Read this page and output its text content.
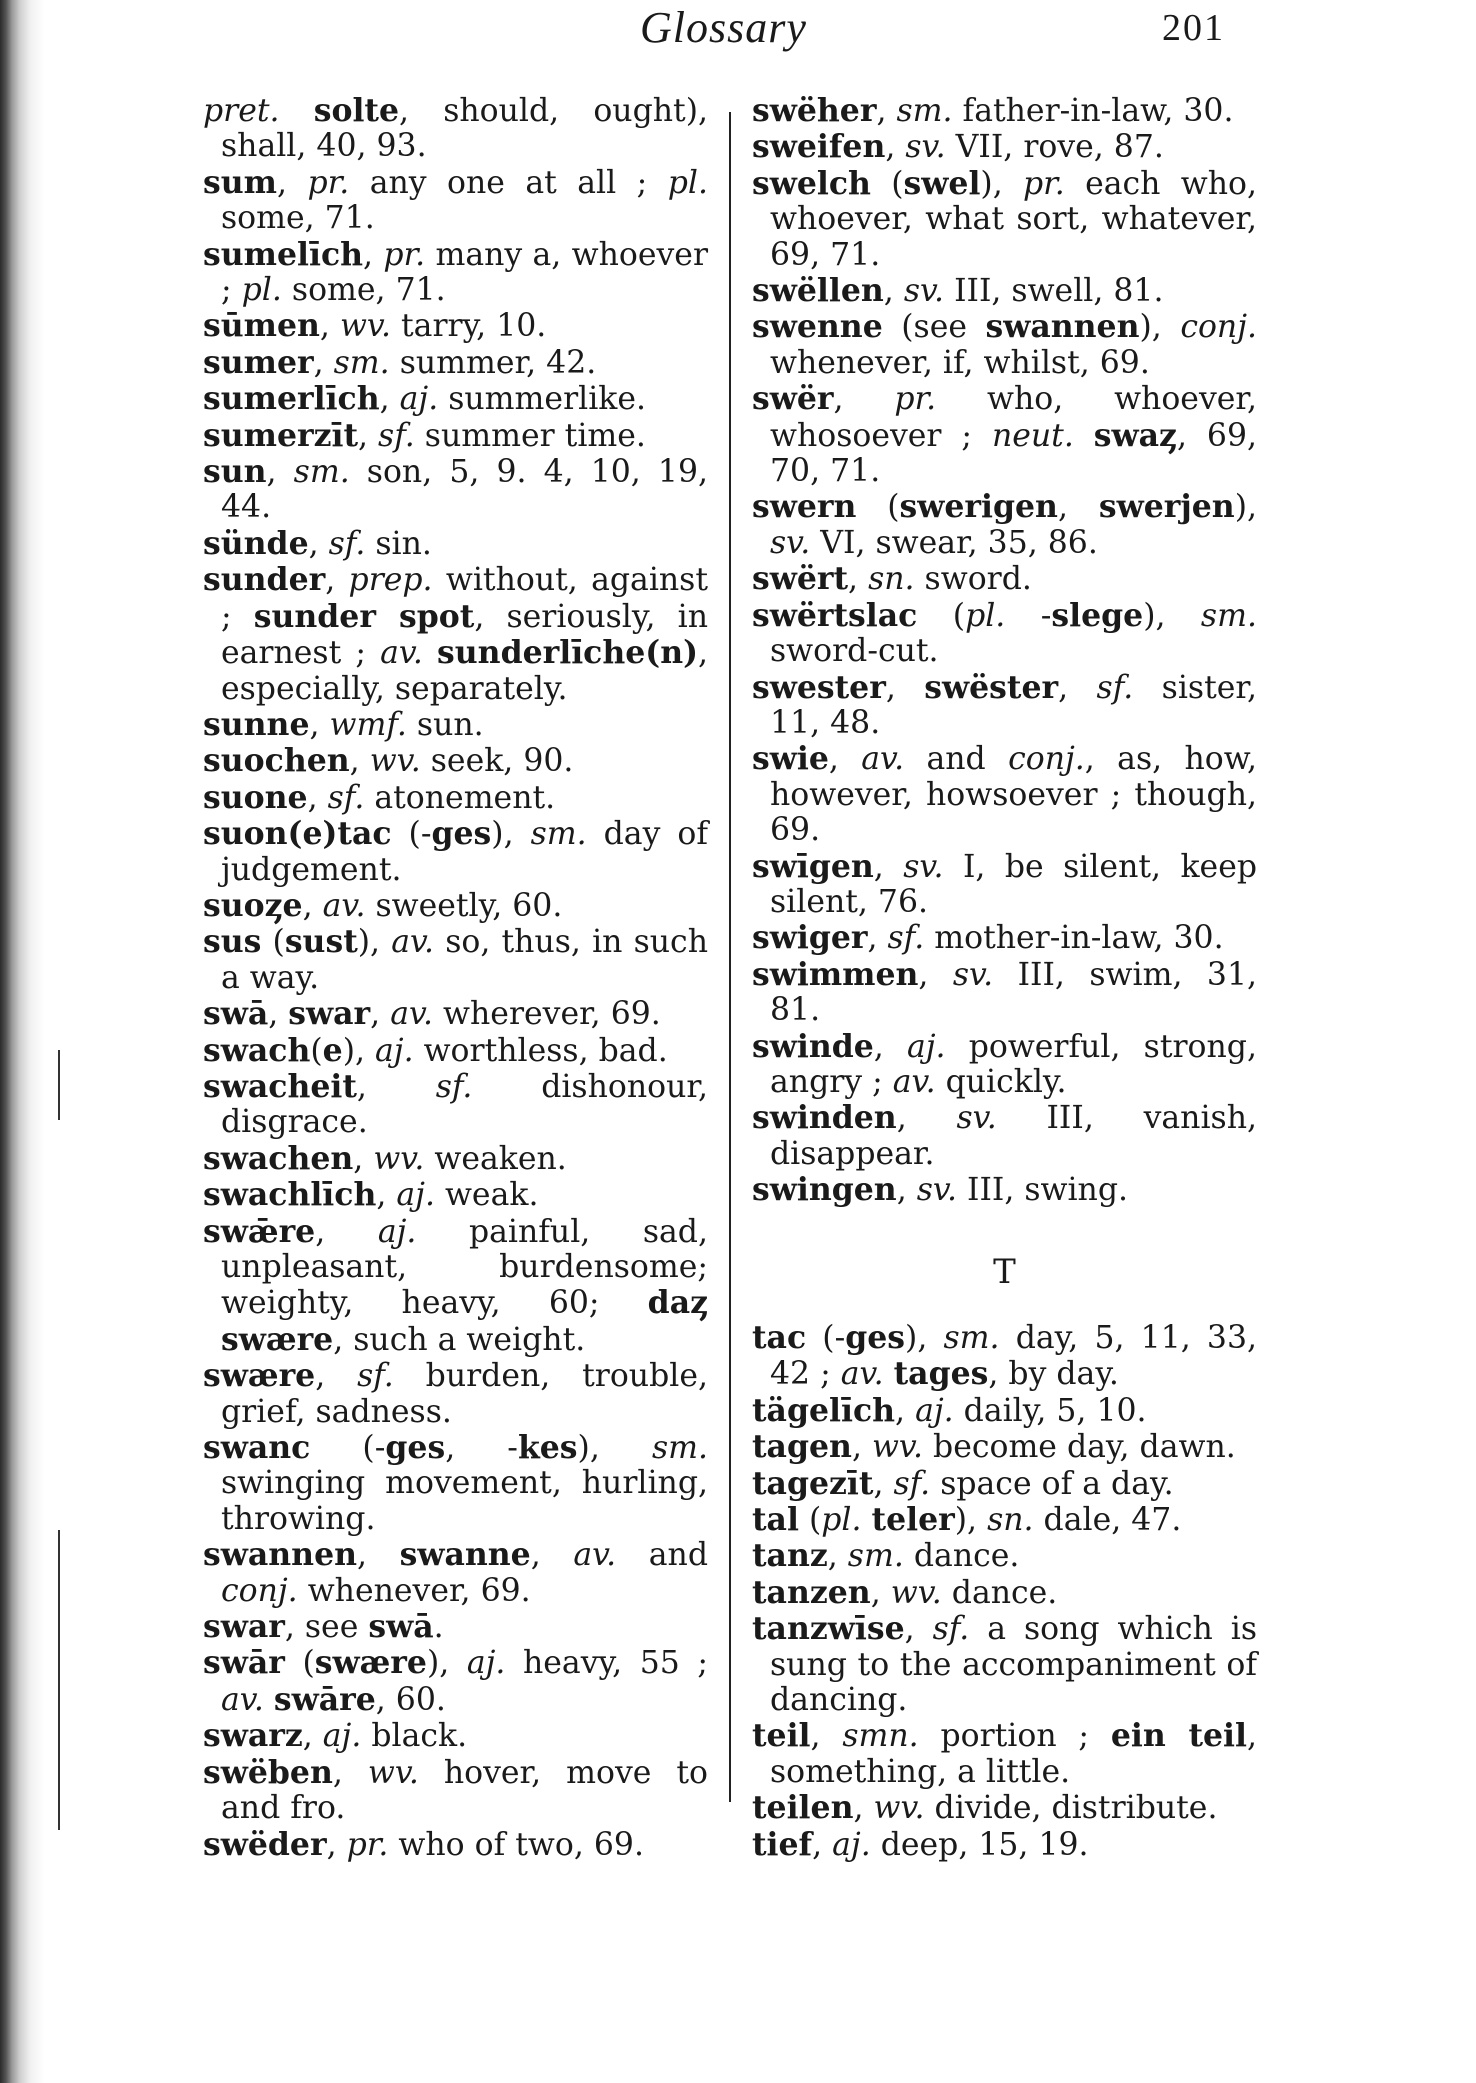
Glossary	201

pret. solte, should, ought), shall, 40, 93.

sum, pr. any one at all ; pl. some, 71.

sumelīch, pr. many a, whoever ; pl. some, 71.

sūmen, wv. tarry, 10.

sumer, sm. summer, 42.

sumerlīch, aj. summerlike.

sumerzīt, sf. summer time.

sun, sm. son, 5, 9. 4, 10, 19, 44.

sünde, sf. sin.

sunder, prep. without, against ; sunder spot, seriously, in earnest ; av. sunderlīche(n), especially, separately.

sunne, wmf. sun.

suochen, wv. seek, 90.

suone, sf. atonement.

suon(e)tac (-ges), sm. day of judgement.

suoȥe, av. sweetly, 60.

sus (sust), av. so, thus, in such a way.

swā, swar, av. wherever, 69.

swach(e), aj. worthless, bad.

swacheit, sf. dishonour, disgrace.

swachen, wv. weaken.

swachlīch, aj. weak.

swǣre, aj. painful, sad, unpleasant, burdensome; weighty, heavy, 60; daȥ swære, such a weight.

swære, sf. burden, trouble, grief, sadness.

swanc (-ges, -kes), sm. swinging movement, hurling, throwing.

swannen, swanne, av. and conj. whenever, 69.

swar, see swā.

swār (swære), aj. heavy, 55 ; av. swāre, 60.

swarz, aj. black.

swëben, wv. hover, move to and fro.

swëder, pr. who of two, 69.

swëher, sm. father-in-law, 30.

sweifen, sv. VII, rove, 87.

swelch (swel), pr. each who, whoever, what sort, whatever, 69, 71.

swëllen, sv. III, swell, 81.

swenne (see swannen), conj. whenever, if, whilst, 69.

swër, pr. who, whoever, whosoever ; neut. swaȥ, 69, 70, 71.

swern (swerigen, swerjen), sv. VI, swear, 35, 86.

swërt, sn. sword.

swërtslac (pl. -slege), sm. sword-cut.

swester, swëster, sf. sister, 11, 48.

swie, av. and conj., as, how, however, howsoever ; though, 69.

swīgen, sv. I, be silent, keep silent, 76.

swiger, sf. mother-in-law, 30.

swimmen, sv. III, swim, 31, 81.

swinde, aj. powerful, strong, angry ; av. quickly.

swinden, sv. III, vanish, disappear.

swingen, sv. III, swing.

T

tac (-ges), sm. day, 5, 11, 33, 42 ; av. tages, by day.

tägelīch, aj. daily, 5, 10.

tagen, wv. become day, dawn.

tagezīt, sf. space of a day.

tal (pl. teler), sn. dale, 47.

tanz, sm. dance.

tanzen, wv. dance.

tanzwīse, sf. a song which is sung to the accompaniment of dancing.

teil, smn. portion ; ein teil, something, a little.

teilen, wv. divide, distribute.

tief, aj. deep, 15, 19.
